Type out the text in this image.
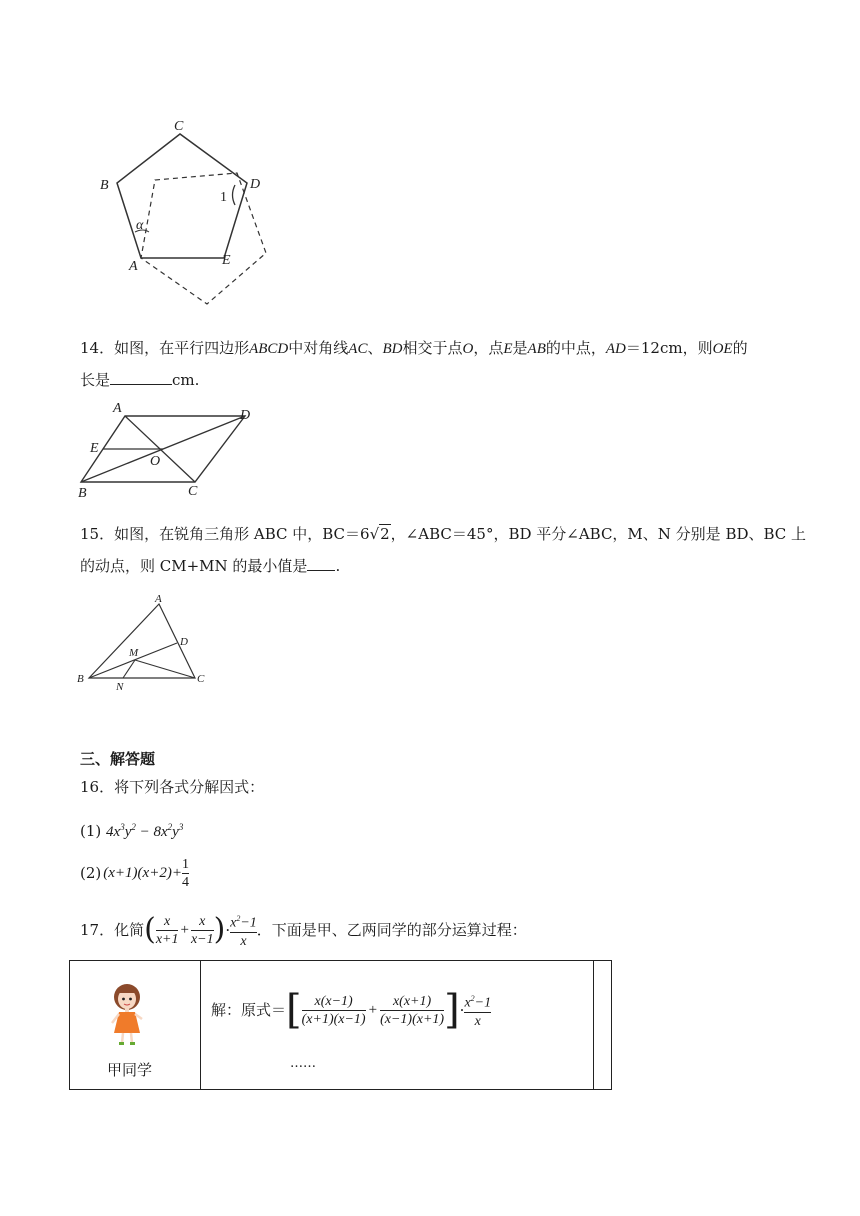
C
B	D
A	E
α
1
14．如图，在平行四边形ABCD中对角线AC、BD相交于点O，点E是AB的中点，AD＝12cm，则OE的
长是	cm.
A	D
E
O
B	C
15．如图，在锐角三角形 ABC 中，BC＝6√2，∠ABC＝45°，BD 平分∠ABC，M、N 分别是 BD、BC 上
的动点，则 CM+MN 的最小值是 .
A
D
M
B
N
C
三、解答题
16．将下列各式分解因式：
(1) $4x^3y^2 - 8x^2y^3$
(2) $(x+1)(x+2)+ \frac{1}{4}$
17．化简 ( $\frac{x}{x+1} + \frac{x}{x-1}$ ) · $\frac{x^2-1}{x}$ ．下面是甲、乙两同学的部分运算过程：
甲同学

解：原式＝ [ $\frac{x(x-1)}{(x+1)(x-1)} + \frac{x(x+1)}{(x-1)(x+1)}$ ] · $\frac{x^2-1}{x}$
……
